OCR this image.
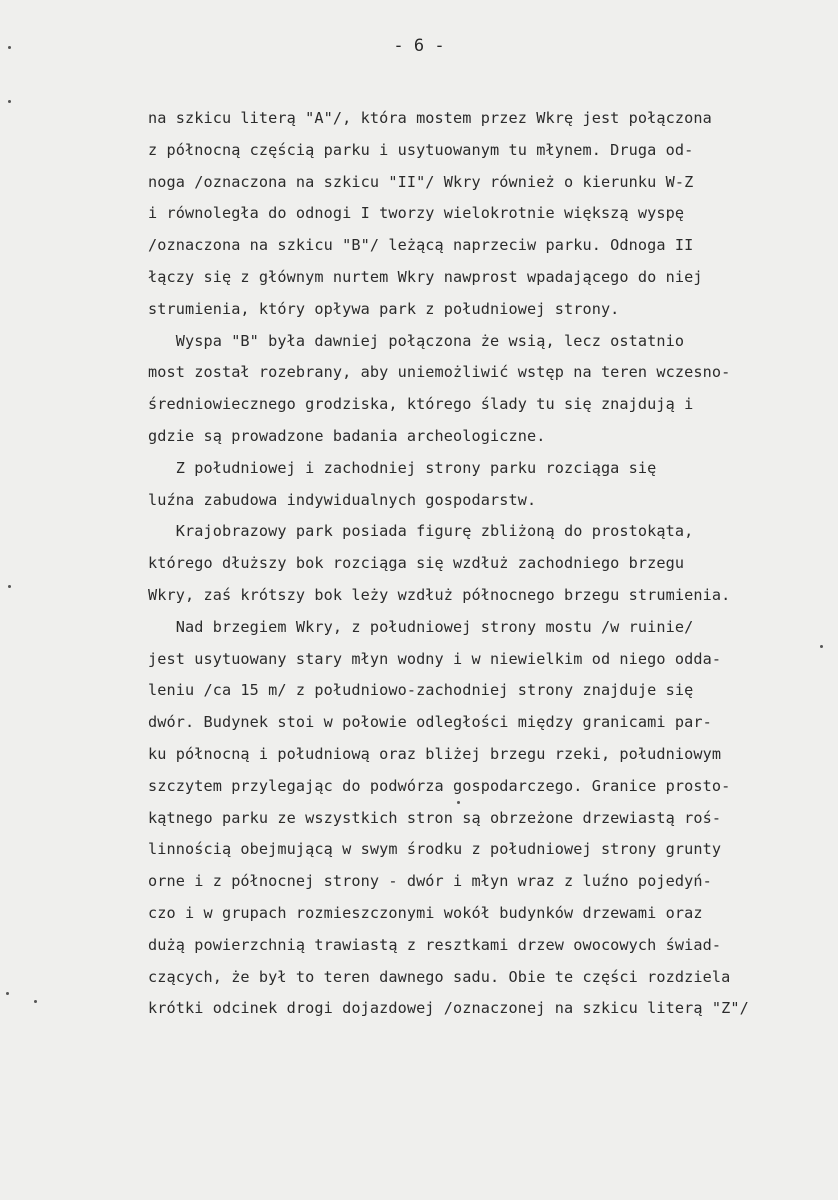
- 6 -
na szkicu literą "A"/, która mostem przez Wkrę jest połączona
z północną częścią parku i usytuowanym tu młynem. Druga od-
noga /oznaczona na szkicu "II"/ Wkry również o kierunku W-Z
i równoległa do odnogi I tworzy wielokrotnie większą wyspę
/oznaczona na szkicu "B"/ leżącą naprzeciw parku. Odnoga II
łączy się z głównym nurtem Wkry nawprost wpadającego do niej
strumienia, który opływa park z południowej strony.
Wyspa "B" była dawniej połączona że wsią, lecz ostatnio
most został rozebrany, aby uniemożliwić wstęp na teren wczesno-
średniowiecznego grodziska, którego ślady tu się znajdują i
gdzie są prowadzone badania archeologiczne.
Z południowej i zachodniej strony parku rozciąga się
luźna zabudowa indywidualnych gospodarstw.
Krajobrazowy park posiada figurę zbliżoną do prostokąta,
którego dłuższy bok rozciąga się wzdłuż zachodniego brzegu
Wkry, zaś krótszy bok leży wzdłuż północnego brzegu strumienia.
Nad brzegiem Wkry, z południowej strony mostu /w ruinie/
jest usytuowany stary młyn wodny i w niewielkim od niego odda-
leniu /ca 15 m/ z południowo-zachodniej strony znajduje się
dwór. Budynek stoi w połowie odległości między granicami par-
ku północną i południową oraz bliżej brzegu rzeki, południowym
szczytem przylegając do podwórza gospodarczego. Granice prosto-
kątnego parku ze wszystkich stron są obrzeżone drzewiastą roś-
linnością obejmującą w swym środku z południowej strony grunty
orne i z północnej strony - dwór i młyn wraz z luźno pojedyń-
czo i w grupach rozmieszczonymi wokół budynków drzewami oraz
dużą powierzchnią trawiastą z resztkami drzew owocowych świad-
czących, że był to teren dawnego sadu. Obie te części rozdziela
krótki odcinek drogi dojazdowej /oznaczonej na szkicu literą "Z"/
